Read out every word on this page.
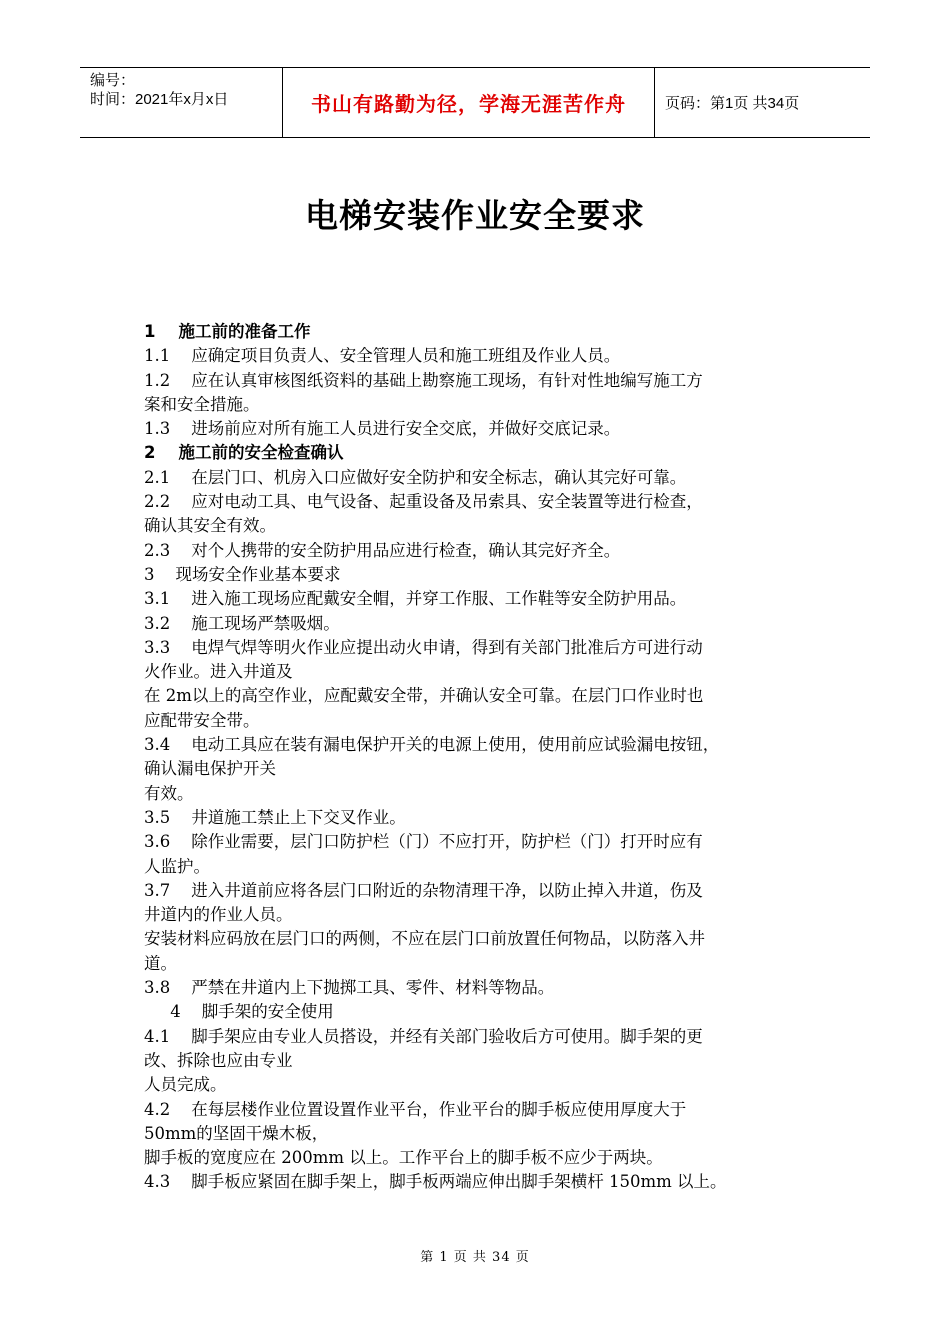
编号：
时间：2021年x月x日	书山有路勤为径，学海无涯苦作舟	页码：第1页 共34页
电梯安装作业安全要求

1    施工前的准备工作

1.1    应确定项目负责人、安全管理人员和施工班组及作业人员。

1.2    应在认真审核图纸资料的基础上勘察施工现场，有针对性地编写施工方

案和安全措施。

1.3    进场前应对所有施工人员进行安全交底，并做好交底记录。

2    施工前的安全检查确认

2.1    在层门口、机房入口应做好安全防护和安全标志，确认其完好可靠。

2.2    应对电动工具、电气设备、起重设备及吊索具、安全装置等进行检查，

确认其安全有效。

2.3    对个人携带的安全防护用品应进行检查，确认其完好齐全。

3    现场安全作业基本要求

3.1    进入施工现场应配戴安全帽，并穿工作服、工作鞋等安全防护用品。

3.2    施工现场严禁吸烟。

3.3    电焊气焊等明火作业应提出动火申请，得到有关部门批准后方可进行动

火作业。进入井道及

在 2m以上的高空作业，应配戴安全带，并确认安全可靠。在层门口作业时也

应配带安全带。

3.4    电动工具应在装有漏电保护开关的电源上使用，使用前应试验漏电按钮，

确认漏电保护开关

有效。

3.5    井道施工禁止上下交叉作业。

3.6    除作业需要，层门口防护栏（门）不应打开，防护栏（门）打开时应有

人监护。

3.7    进入井道前应将各层门口附近的杂物清理干净，以防止掉入井道，伤及

井道内的作业人员。

安装材料应码放在层门口的两侧，不应在层门口前放置任何物品，以防落入井

道。

3.8    严禁在井道内上下抛掷工具、零件、材料等物品。

4    脚手架的安全使用

4.1    脚手架应由专业人员搭设，并经有关部门验收后方可使用。脚手架的更

改、拆除也应由专业

人员完成。

4.2    在每层楼作业位置设置作业平台，作业平台的脚手板应使用厚度大于

50mm的坚固干燥木板，

脚手板的宽度应在 200mm 以上。工作平台上的脚手板不应少于两块。

4.3    脚手板应紧固在脚手架上，脚手板两端应伸出脚手架横杆 150mm 以上。

第 1 页 共 34 页
